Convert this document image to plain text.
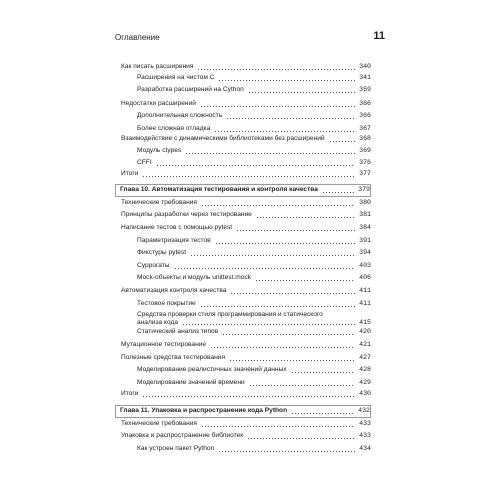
Оглавление	11
Как писать расширения	340
Расширения на чистом C	341
Разработка расширений на Cython	359
Недостатки расширений	366
Дополнительная сложность	366
Более сложная отладка	367
Взаимодействие с динамическими библиотеками без расширений	368
Модуль ctypes	369
CFFI	376
Итоги	377
Глава 10. Автоматизация тестирования и контроля качества	379
Технические требования	380
Принципы разработки через тестирование	381
Написание тестов с помощью pytest	384
Параметризация тестов	391
Фикстуры pytest	394
Суррогаты	403
Mock-объекты и модуль unittest.mock	406
Автоматизация контроля качества	411
Тестовое покрытие	411
Средства проверки стиля программирования и статического анализа кода	415
Статический анализ типов	420
Мутационное тестирование	421
Полезные средства тестирования	427
Моделирование реалистичных значений данных	428
Моделирование значений времени	429
Итоги	430
Глава 11. Упаковка и распространение кода Python	432
Технические требования	433
Упаковка и распространение библиотек	433
Как устроен пакет Python	434
